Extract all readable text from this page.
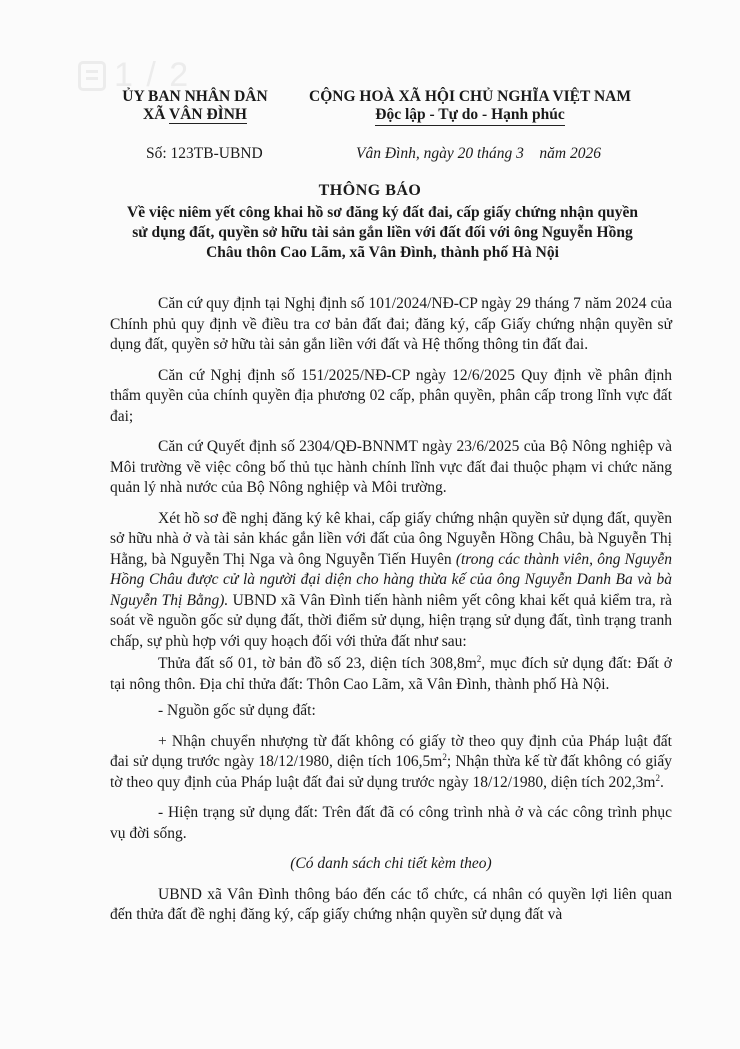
1 / 2
ỦY BAN NHÂN DÂN
XÃ VÂN ĐÌNH
CỘNG HOÀ XÃ HỘI CHỦ NGHĨA VIỆT NAM
Độc lập - Tự do - Hạnh phúc
Số: 123TB-UBND	Vân Đình, ngày 20 tháng 3    năm 2026
THÔNG BÁO
Về việc niêm yết công khai hồ sơ đăng ký đất đai, cấp giấy chứng nhận quyền
sử dụng đất, quyền sở hữu tài sản gắn liền với đất đối với ông Nguyễn Hồng
Châu thôn Cao Lãm, xã Vân Đình, thành phố Hà Nội

Căn cứ quy định tại Nghị định số 101/2024/NĐ-CP ngày 29 tháng 7 năm 2024 của Chính phủ quy định về điều tra cơ bản đất đai; đăng ký, cấp Giấy chứng nhận quyền sử dụng đất, quyền sở hữu tài sản gắn liền với đất và Hệ thống thông tin đất đai.

Căn cứ Nghị định số 151/2025/NĐ-CP ngày 12/6/2025 Quy định về phân định thẩm quyền của chính quyền địa phương 02 cấp, phân quyền, phân cấp trong lĩnh vực đất đai;

Căn cứ Quyết định số 2304/QĐ-BNNMT ngày 23/6/2025 của Bộ Nông nghiệp và Môi trường về việc công bố thủ tục hành chính lĩnh vực đất đai thuộc phạm vi chức năng quản lý nhà nước của Bộ Nông nghiệp và Môi trường.

Xét hồ sơ đề nghị đăng ký kê khai, cấp giấy chứng nhận quyền sử dụng đất, quyền sở hữu nhà ở và tài sản khác gắn liền với đất của ông Nguyễn Hồng Châu, bà Nguyễn Thị Hằng, bà Nguyễn Thị Nga và ông Nguyễn Tiến Huyên (trong các thành viên, ông Nguyễn Hồng Châu được cử là người đại diện cho hàng thừa kế của ông Nguyễn Danh Ba và bà Nguyễn Thị Bằng). UBND xã Vân Đình tiến hành niêm yết công khai kết quả kiểm tra, rà soát về nguồn gốc sử dụng đất, thời điểm sử dụng, hiện trạng sử dụng đất, tình trạng tranh chấp, sự phù hợp với quy hoạch đối với thửa đất như sau:

Thửa đất số 01, tờ bản đồ số 23, diện tích $308,8m^2$, mục đích sử dụng đất: Đất ở tại nông thôn. Địa chỉ thửa đất: Thôn Cao Lãm, xã Vân Đình, thành phố Hà Nội.

- Nguồn gốc sử dụng đất:

+ Nhận chuyển nhượng từ đất không có giấy tờ theo quy định của Pháp luật đất đai sử dụng trước ngày 18/12/1980, diện tích $106,5m^2$; Nhận thừa kế từ đất không có giấy tờ theo quy định của Pháp luật đất đai sử dụng trước ngày 18/12/1980, diện tích $202,3m^2$.

- Hiện trạng sử dụng đất: Trên đất đã có công trình nhà ở và các công trình phục vụ đời sống.

(Có danh sách chi tiết kèm theo)

UBND xã Vân Đình thông báo đến các tổ chức, cá nhân có quyền lợi liên quan đến thửa đất đề nghị đăng ký, cấp giấy chứng nhận quyền sử dụng đất và
